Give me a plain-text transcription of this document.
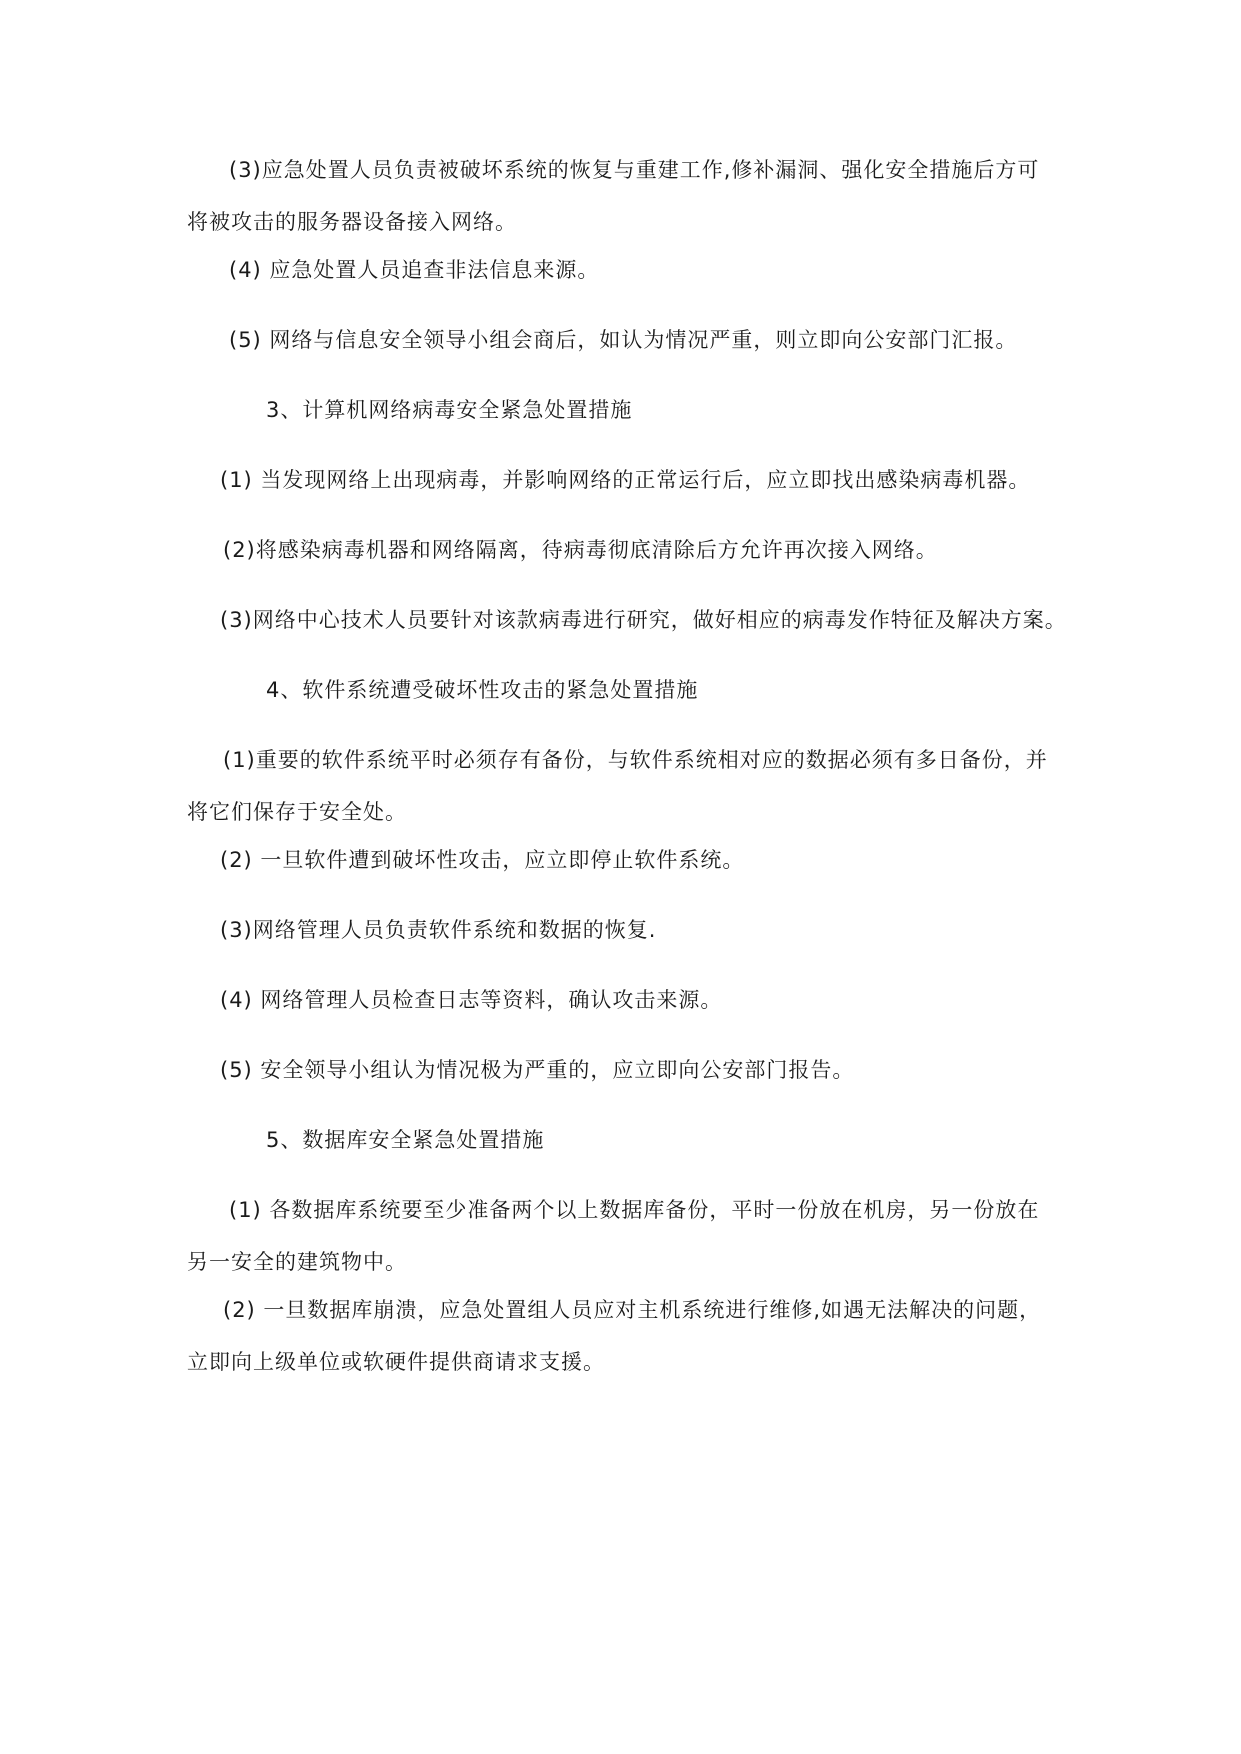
(3)应急处置人员负责被破坏系统的恢复与重建工作,修补漏洞、强化安全措施后方可将被攻击的服务器设备接入网络。

(4) 应急处置人员追查非法信息来源。

(5) 网络与信息安全领导小组会商后，如认为情况严重，则立即向公安部门汇报。

3、计算机网络病毒安全紧急处置措施

(1) 当发现网络上出现病毒，并影响网络的正常运行后，应立即找出感染病毒机器。

(2)将感染病毒机器和网络隔离，待病毒彻底清除后方允许再次接入网络。

(3)网络中心技术人员要针对该款病毒进行研究，做好相应的病毒发作特征及解决方案。

4、软件系统遭受破坏性攻击的紧急处置措施

(1)重要的软件系统平时必须存有备份，与软件系统相对应的数据必须有多日备份，并将它们保存于安全处。

(2) 一旦软件遭到破坏性攻击，应立即停止软件系统。

(3)网络管理人员负责软件系统和数据的恢复.

(4) 网络管理人员检查日志等资料，确认攻击来源。

(5) 安全领导小组认为情况极为严重的，应立即向公安部门报告。

5、数据库安全紧急处置措施

(1) 各数据库系统要至少准备两个以上数据库备份，平时一份放在机房，另一份放在另一安全的建筑物中。

(2) 一旦数据库崩溃，应急处置组人员应对主机系统进行维修,如遇无法解决的问题，立即向上级单位或软硬件提供商请求支援。
